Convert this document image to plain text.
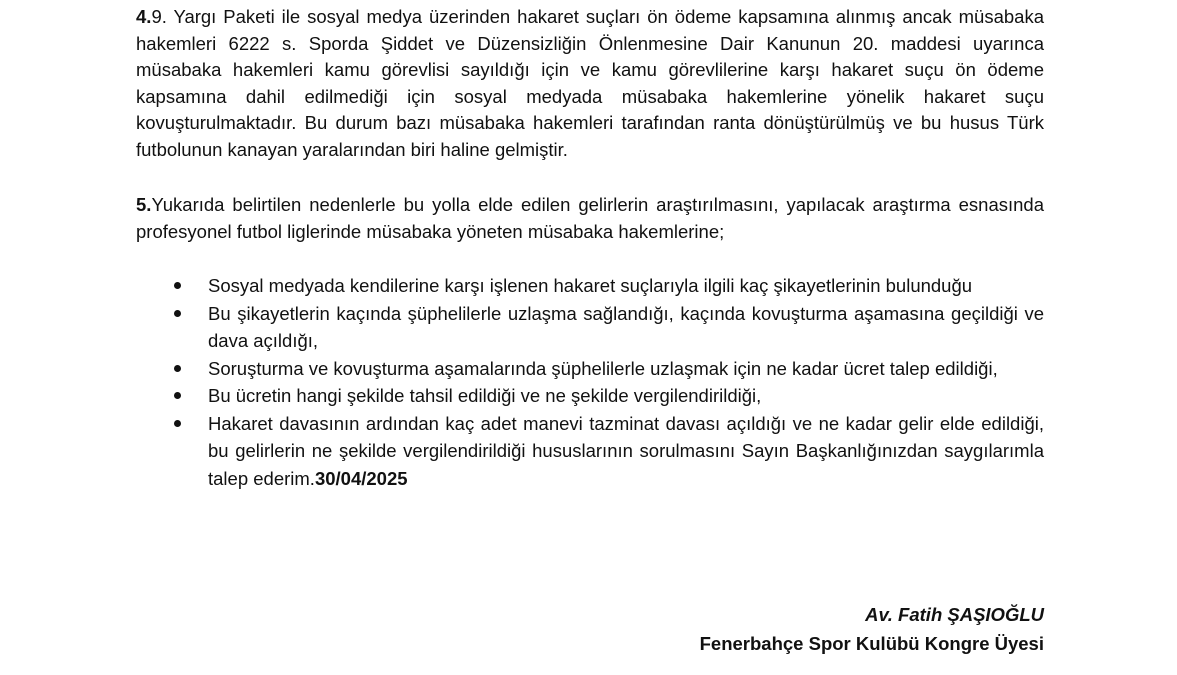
4.9. Yargı Paketi ile sosyal medya üzerinden hakaret suçları ön ödeme kapsamına alınmış ancak müsabaka hakemleri 6222 s. Sporda Şiddet ve Düzensizliğin Önlenmesine Dair Kanunun 20. maddesi uyarınca müsabaka hakemleri kamu görevlisi sayıldığı için ve kamu görevlilerine karşı hakaret suçu ön ödeme kapsamına dahil edilmediği için sosyal medyada müsabaka hakemlerine yönelik hakaret suçu kovuşturulmaktadır. Bu durum bazı müsabaka hakemleri tarafından ranta dönüştürülmüş ve bu husus Türk futbolunun kanayan yaralarından biri haline gelmiştir.

5.Yukarıda belirtilen nedenlerle bu yolla elde edilen gelirlerin araştırılmasını, yapılacak araştırma esnasında profesyonel futbol liglerinde müsabaka yöneten müsabaka hakemlerine;

Sosyal medyada kendilerine karşı işlenen hakaret suçlarıyla ilgili kaç şikayetlerinin bulunduğu
Bu şikayetlerin kaçında şüphelilerle uzlaşma sağlandığı, kaçında kovuşturma aşamasına geçildiği ve dava açıldığı,
Soruşturma ve kovuşturma aşamalarında şüphelilerle uzlaşmak için ne kadar ücret talep edildiği,
Bu ücretin hangi şekilde tahsil edildiği ve ne şekilde vergilendirildiği,
Hakaret davasının ardından kaç adet manevi tazminat davası açıldığı ve ne kadar gelir elde edildiği, bu gelirlerin ne şekilde vergilendirildiği hususlarının sorulmasını Sayın Başkanlığınızdan saygılarımla talep ederim.30/04/2025

Av. Fatih ŞAŞIOĞLU

Fenerbahçe Spor Kulübü Kongre Üyesi
